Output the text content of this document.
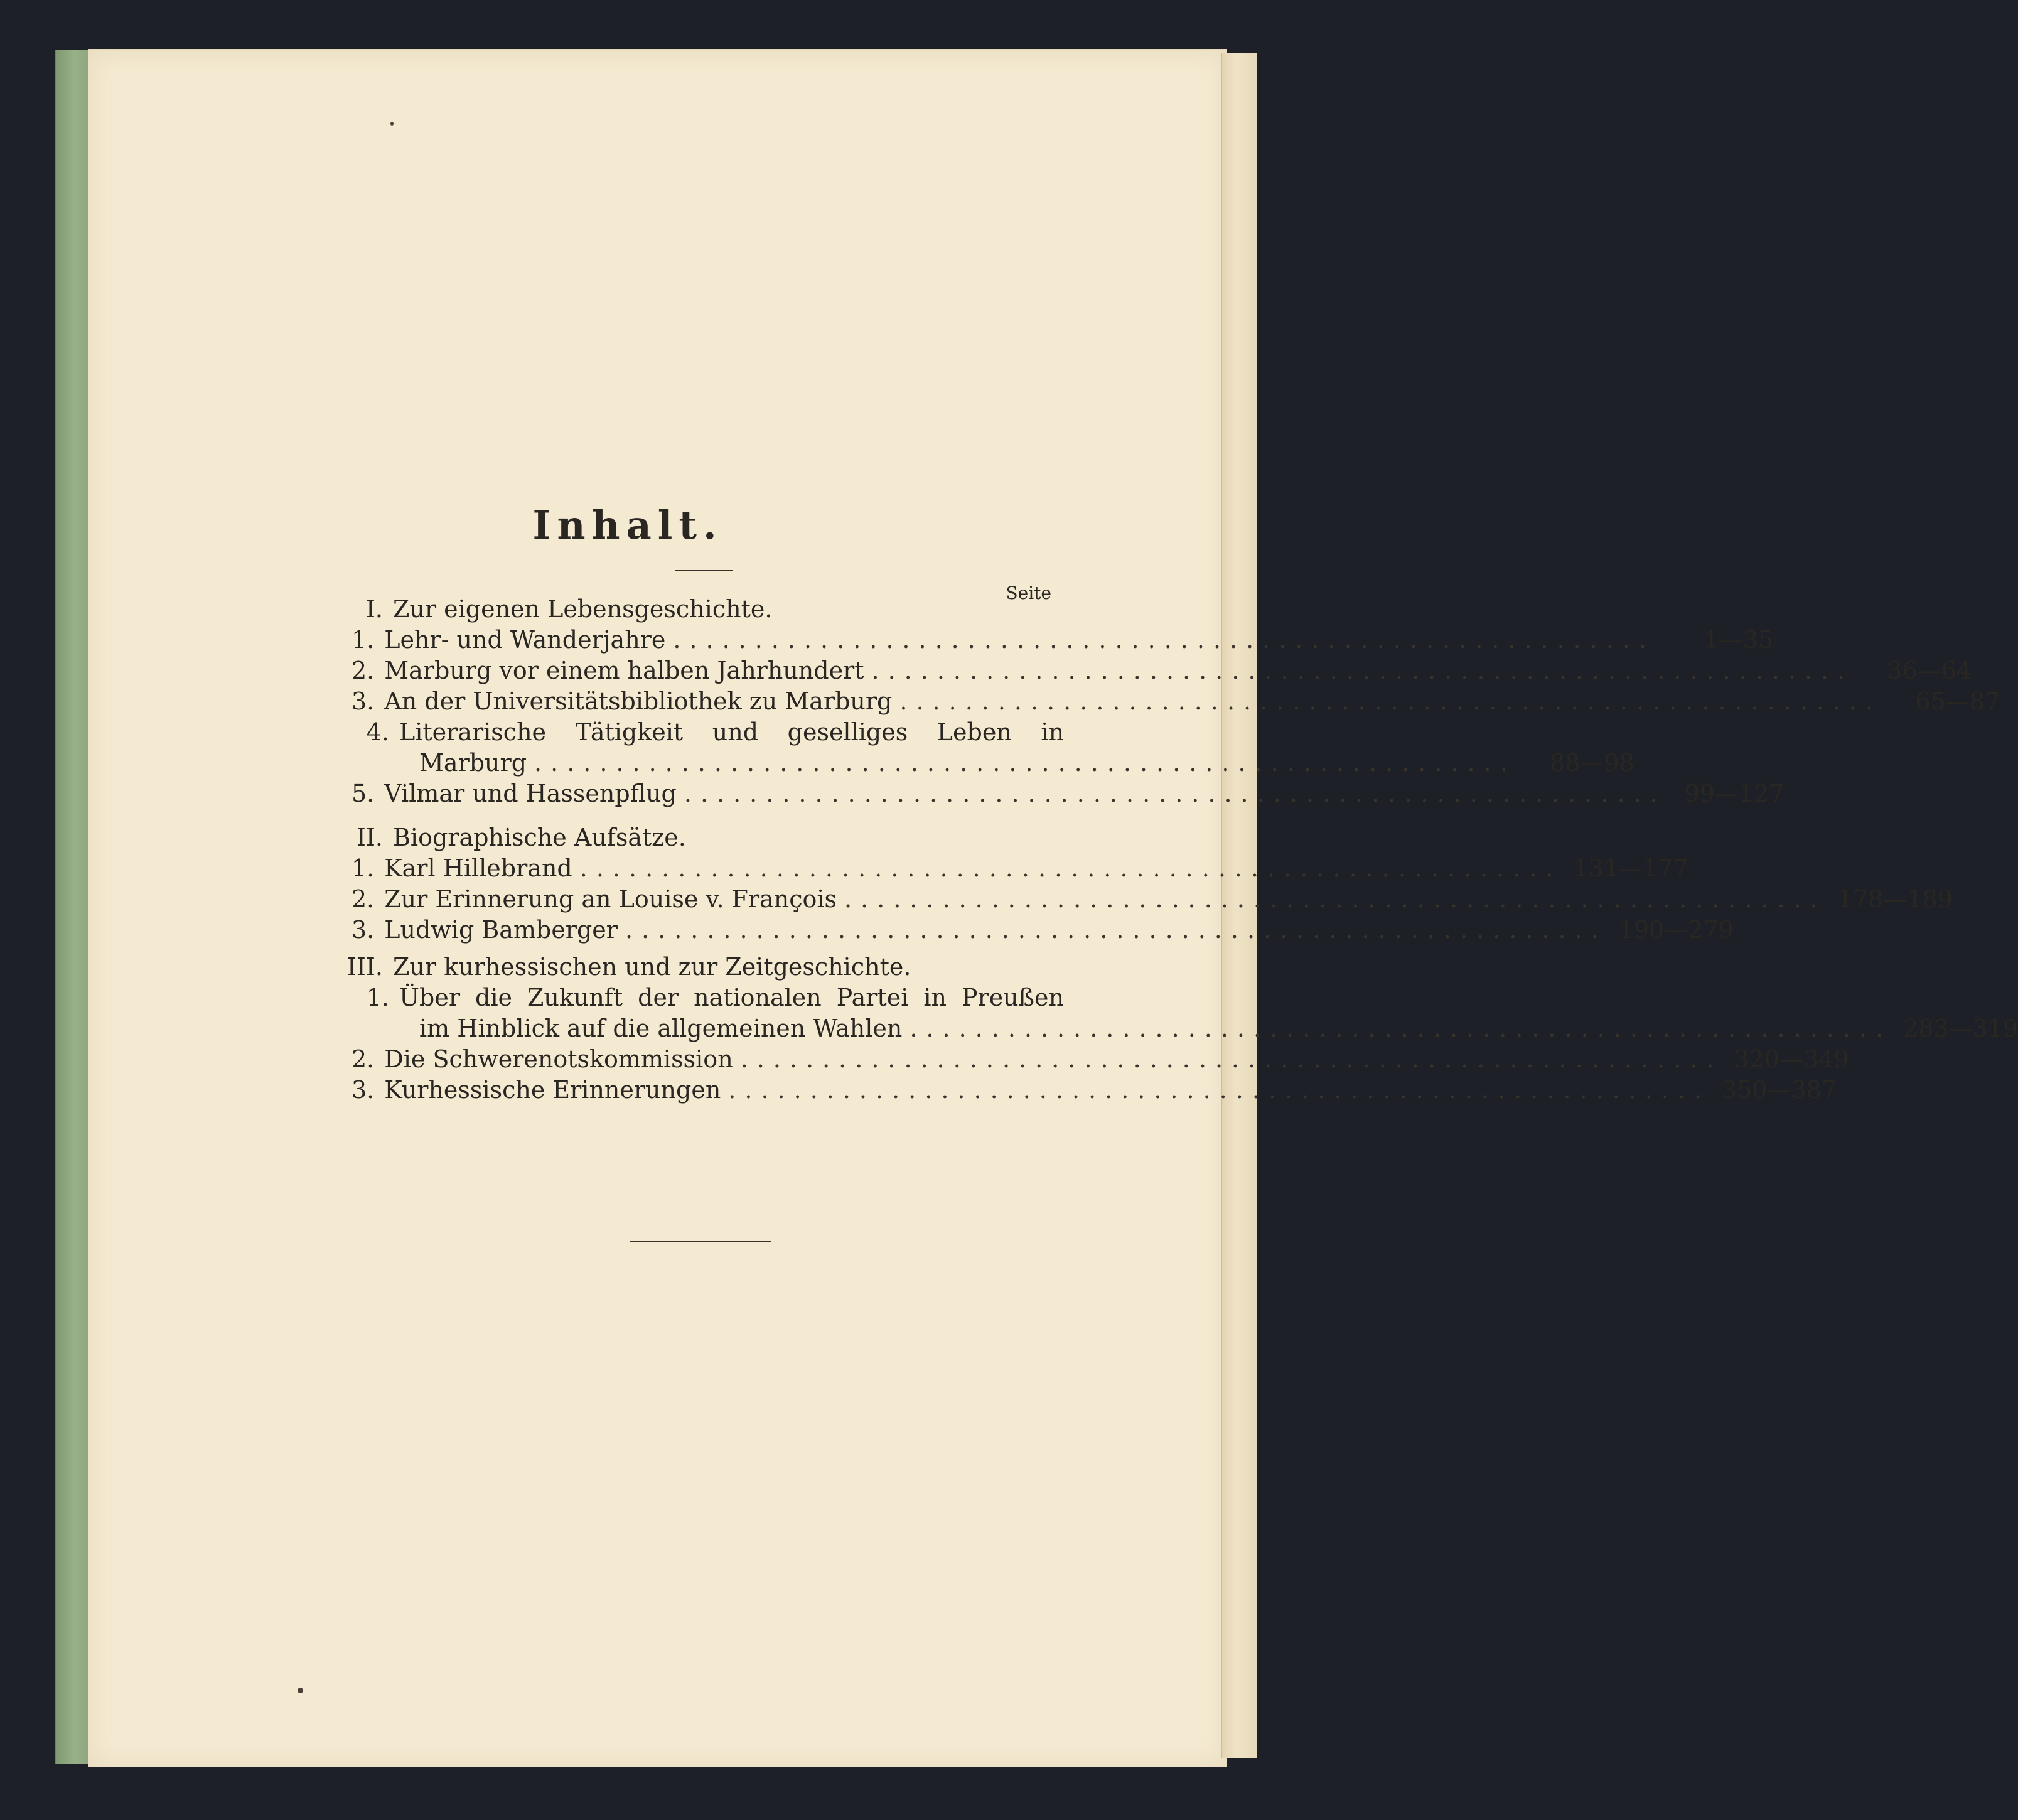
Inhalt.
Seite
I. Zur eigenen Lebensgeschichte.
1. Lehr- und Wanderjahre ............................................................	1—35
2. Marburg vor einem halben Jahrhundert ............................................................	36—64
3. An der Universitätsbibliothek zu Marburg ............................................................	65—87
4. Literarische Tätigkeit und geselliges Leben in
Marburg ............................................................	88—98
5. Vilmar und Hassenpflug ............................................................ 99—127
II. Biographische Aufsätze.
1. Karl Hillebrand ............................................................ 131—177
2. Zur Erinnerung an Louise v. François ............................................................ 178—189
3. Ludwig Bamberger ............................................................ 190—279
III. Zur kurhessischen und zur Zeitgeschichte.
1. Über die Zukunft der nationalen Partei in Preußen
im Hinblick auf die allgemeinen Wahlen ............................................................ 283—319
2. Die Schwerenotskommission ............................................................ 320—349
3. Kurhessische Erinnerungen ............................................................ 350—387
